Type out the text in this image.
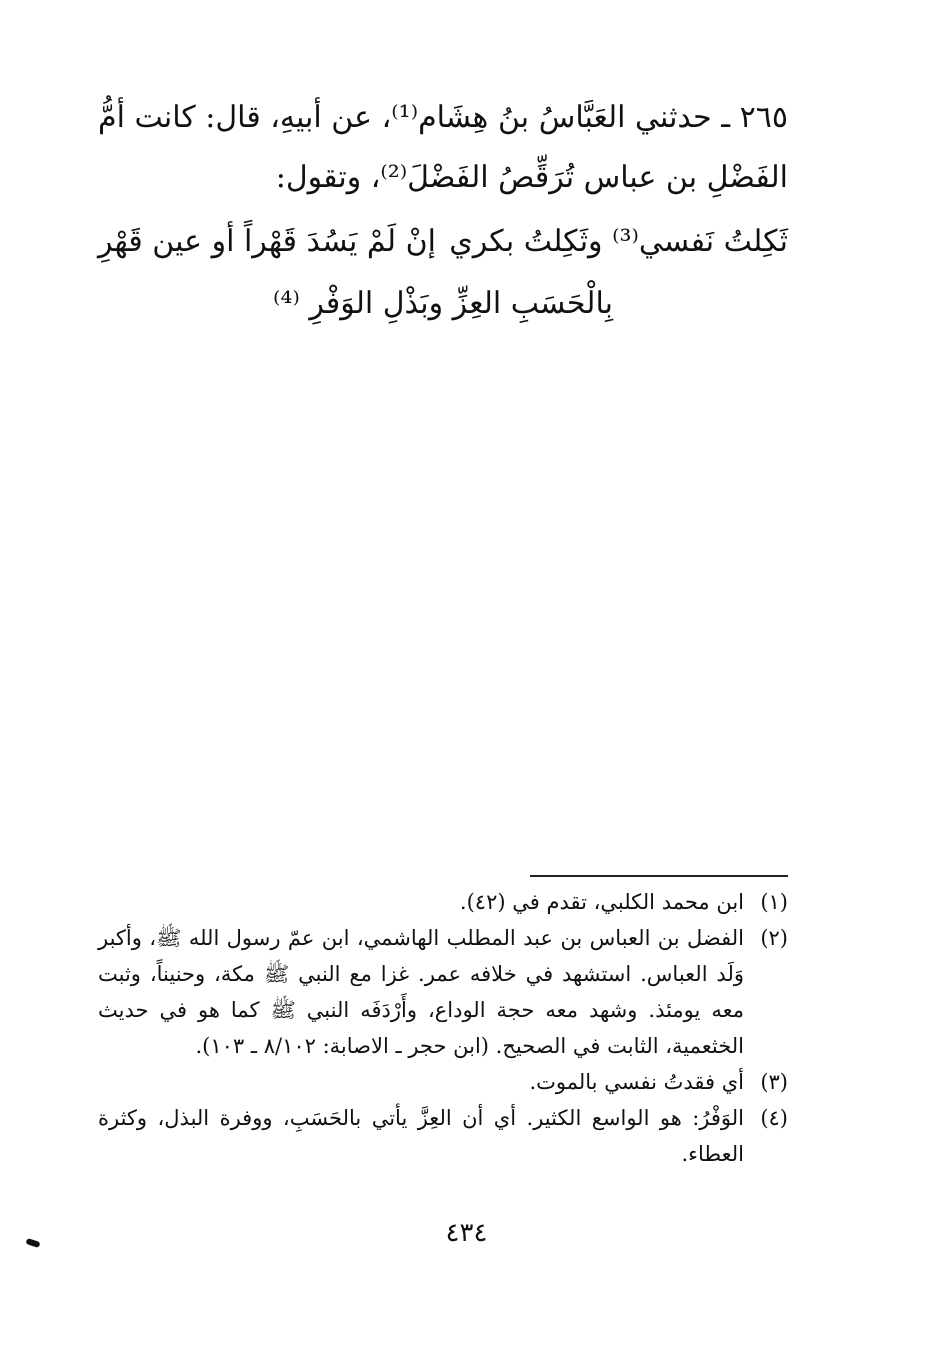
٢٦٥ ـ حدثني العَبَّاسُ بنُ هِشَام⁽¹⁾، عن أبيهِ، قال: كانت أمُّ الفَضْلِ بن عباس تُرَقِّصُ الفَضْلَ⁽²⁾، وتقول:

ثَكِلتُ نَفسي⁽³⁾ وثَكِلتُ بكري
إنْ لَمْ يَسُدَ قَهْراً أو عين قَهْرِ
بِالْحَسَبِ العِزِّ وبَذْلِ الوَفْرِ ⁽⁴⁾
(١)
ابن محمد الكلبي، تقدم في (٤٢).
(٢)
الفضل بن العباس بن عبد المطلب الهاشمي، ابن عمّ رسول الله ﷺ، وأكبر وَلَد العباس. استشهد في خلافه عمر. غزا مع النبي ﷺ مكة، وحنيناً، وثبت معه يومئذ. وشهد معه حجة الوداع، وأَرْدَفَه النبي ﷺ كما هو في حديث الخثعمية، الثابت في الصحيح. (ابن حجر ـ الاصابة: ٨/١٠٢ ـ ١٠٣).
(٣)
أي فقدتُ نفسي بالموت.
(٤)
الوَفْرُ: هو الواسع الكثير. أي أن العِزَّ يأتي بالحَسَبِ، ووفرة البذل، وكثرة العطاء.
٤٣٤
